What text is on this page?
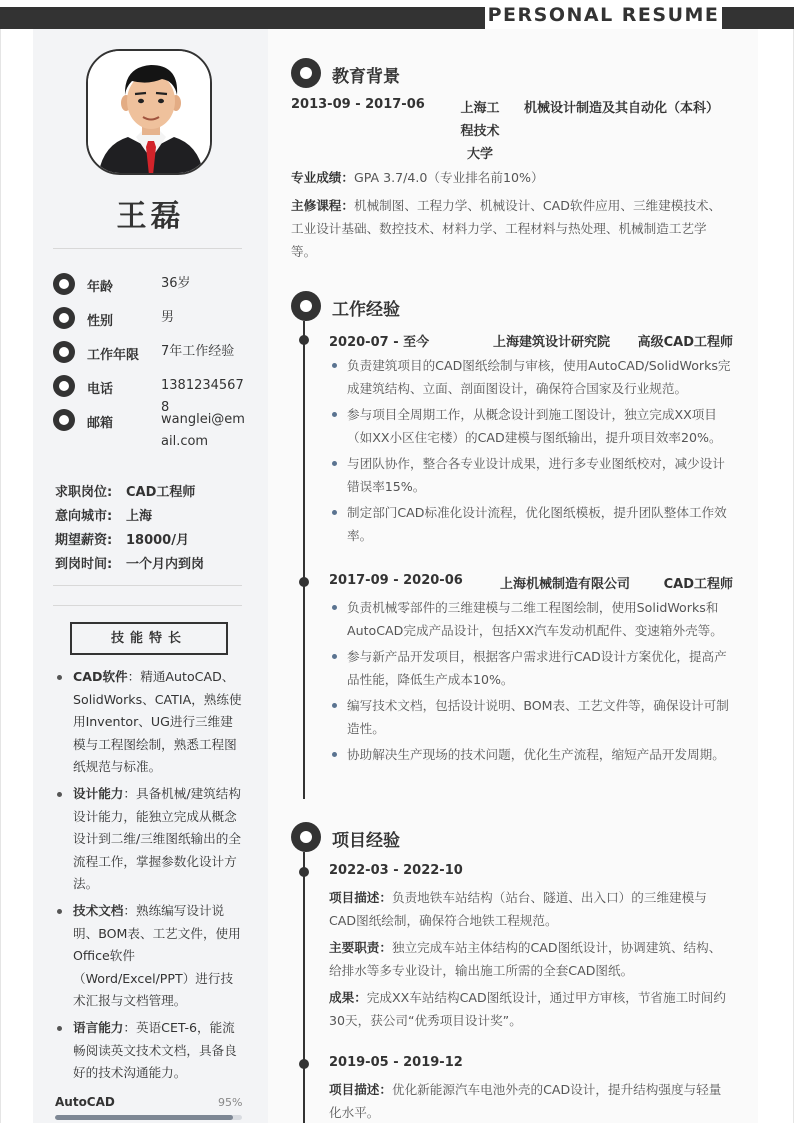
PERSONAL RESUME
王磊
年龄	36岁
性别	男
工作年限 7年工作经验
电话	13812345678
邮箱	wanglei@email.com
求职岗位: CAD工程师
意向城市: 上海
期望薪资: 18000/月
到岗时间: 一个月内到岗
技能特长
CAD软件：精通AutoCAD、SolidWorks、CATIA，熟练使用Inventor、UG进行三维建模与工程图绘制，熟悉工程图纸规范与标准。
设计能力：具备机械/建筑结构设计能力，能独立完成从概念设计到二维/三维图纸输出的全流程工作，掌握参数化设计方法。
技术文档：熟练编写设计说明、BOM表、工艺文件，使用Office软件（Word/Excel/PPT）进行技术汇报与文档管理。
语言能力：英语CET-6，能流畅阅读英文技术文档，具备良好的技术沟通能力。
AutoCAD	95%
教育背景
2013-09 - 2017-06	上海工程技术大学
机械设计制造及其自动化（本科）
专业成绩：GPA 3.7/4.0（专业排名前10%）
主修课程：机械制图、工程力学、机械设计、CAD软件应用、三维建模技术、工业设计基础、数控技术、材料力学、工程材料与热处理、机械制造工艺学等。
工作经验
2020-07 - 至今	上海建筑设计研究院 高级CAD工程师
负责建筑项目的CAD图纸绘制与审核，使用AutoCAD/SolidWorks完成建筑结构、立面、剖面图设计，确保符合国家及行业规范。
参与项目全周期工作，从概念设计到施工图设计，独立完成XX项目（如XX小区住宅楼）的CAD建模与图纸输出，提升项目效率20%。
与团队协作，整合各专业设计成果，进行多专业图纸校对，减少设计错误率15%。
制定部门CAD标准化设计流程，优化图纸模板，提升团队整体工作效率。
2017-09 - 2020-06	上海机械制造有限公司	CAD工程师
负责机械零部件的三维建模与二维工程图绘制，使用SolidWorks和AutoCAD完成产品设计，包括XX汽车发动机配件、变速箱外壳等。
参与新产品开发项目，根据客户需求进行CAD设计方案优化，提高产品性能，降低生产成本10%。
编写技术文档，包括设计说明、BOM表、工艺文件等，确保设计可制造性。
协助解决生产现场的技术问题，优化生产流程，缩短产品开发周期。
项目经验
2022-03 - 2022-10
项目描述：负责地铁车站结构（站台、隧道、出入口）的三维建模与CAD图纸绘制，确保符合地铁工程规范。
主要职责：独立完成车站主体结构的CAD图纸设计，协调建筑、结构、给排水等多专业设计，输出施工所需的全套CAD图纸。
成果：完成XX车站结构CAD图纸设计，通过甲方审核，节省施工时间约30天，获公司“优秀项目设计奖”。
2019-05 - 2019-12
项目描述：优化新能源汽车电池外壳的CAD设计，提升结构强度与轻量化水平。
